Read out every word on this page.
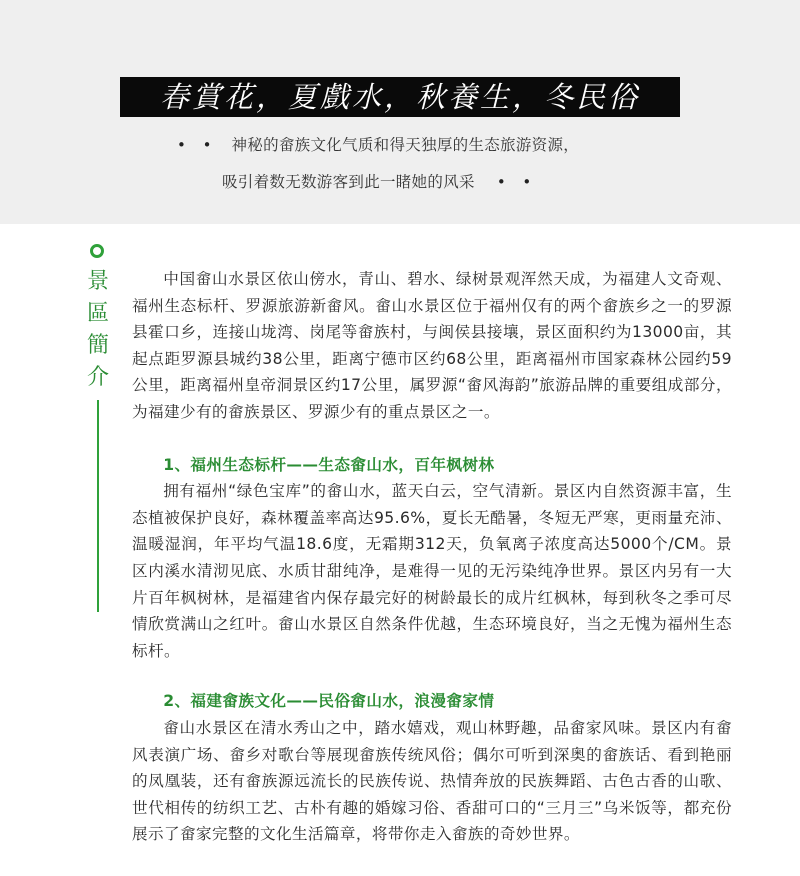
春賞花，夏戲水，秋養生，冬民俗
• • 神秘的畲族文化气质和得天独厚的生态旅游资源，
吸引着数无数游客到此一睹她的风采 • •
景
區
簡
介

中国畲山水景区依山傍水，青山、碧水、绿树景观浑然天成，为福建人文奇观、福州生态标杆、罗源旅游新畲风。畲山水景区位于福州仅有的两个畲族乡之一的罗源县霍口乡，连接山垅湾、岗尾等畲族村，与闽侯县接壤，景区面积约为13000亩，其起点距罗源县城约38公里，距离宁德市区约68公里，距离福州市国家森林公园约59公里，距离福州皇帝洞景区约17公里，属罗源“畲风海韵”旅游品牌的重要组成部分，为福建少有的畲族景区、罗源少有的重点景区之一。

1、福州生态标杆——生态畲山水，百年枫树林

拥有福州“绿色宝库”的畲山水，蓝天白云，空气清新。景区内自然资源丰富，生态植被保护良好，森林覆盖率高达95.6%，夏长无酷暑，冬短无严寒，更雨量充沛、温暖湿润，年平均气温18.6度，无霜期312天，负氧离子浓度高达5000个/CM。景区内溪水清沏见底、水质甘甜纯净，是难得一见的无污染纯净世界。景区内另有一大片百年枫树林，是福建省内保存最完好的树龄最长的成片红枫林，每到秋冬之季可尽情欣赏满山之红叶。畲山水景区自然条件优越，生态环境良好，当之无愧为福州生态标杆。

2、福建畲族文化——民俗畲山水，浪漫畲家情

畲山水景区在清水秀山之中，踏水嬉戏，观山林野趣，品畲家风味。景区内有畲风表演广场、畲乡对歌台等展现畲族传统风俗；偶尔可听到深奥的畲族话、看到艳丽的凤凰装，还有畲族源远流长的民族传说、热情奔放的民族舞蹈、古色古香的山歌、世代相传的纺织工艺、古朴有趣的婚嫁习俗、香甜可口的“三月三”乌米饭等，都充份展示了畲家完整的文化生活篇章，将带你走入畲族的奇妙世界。
